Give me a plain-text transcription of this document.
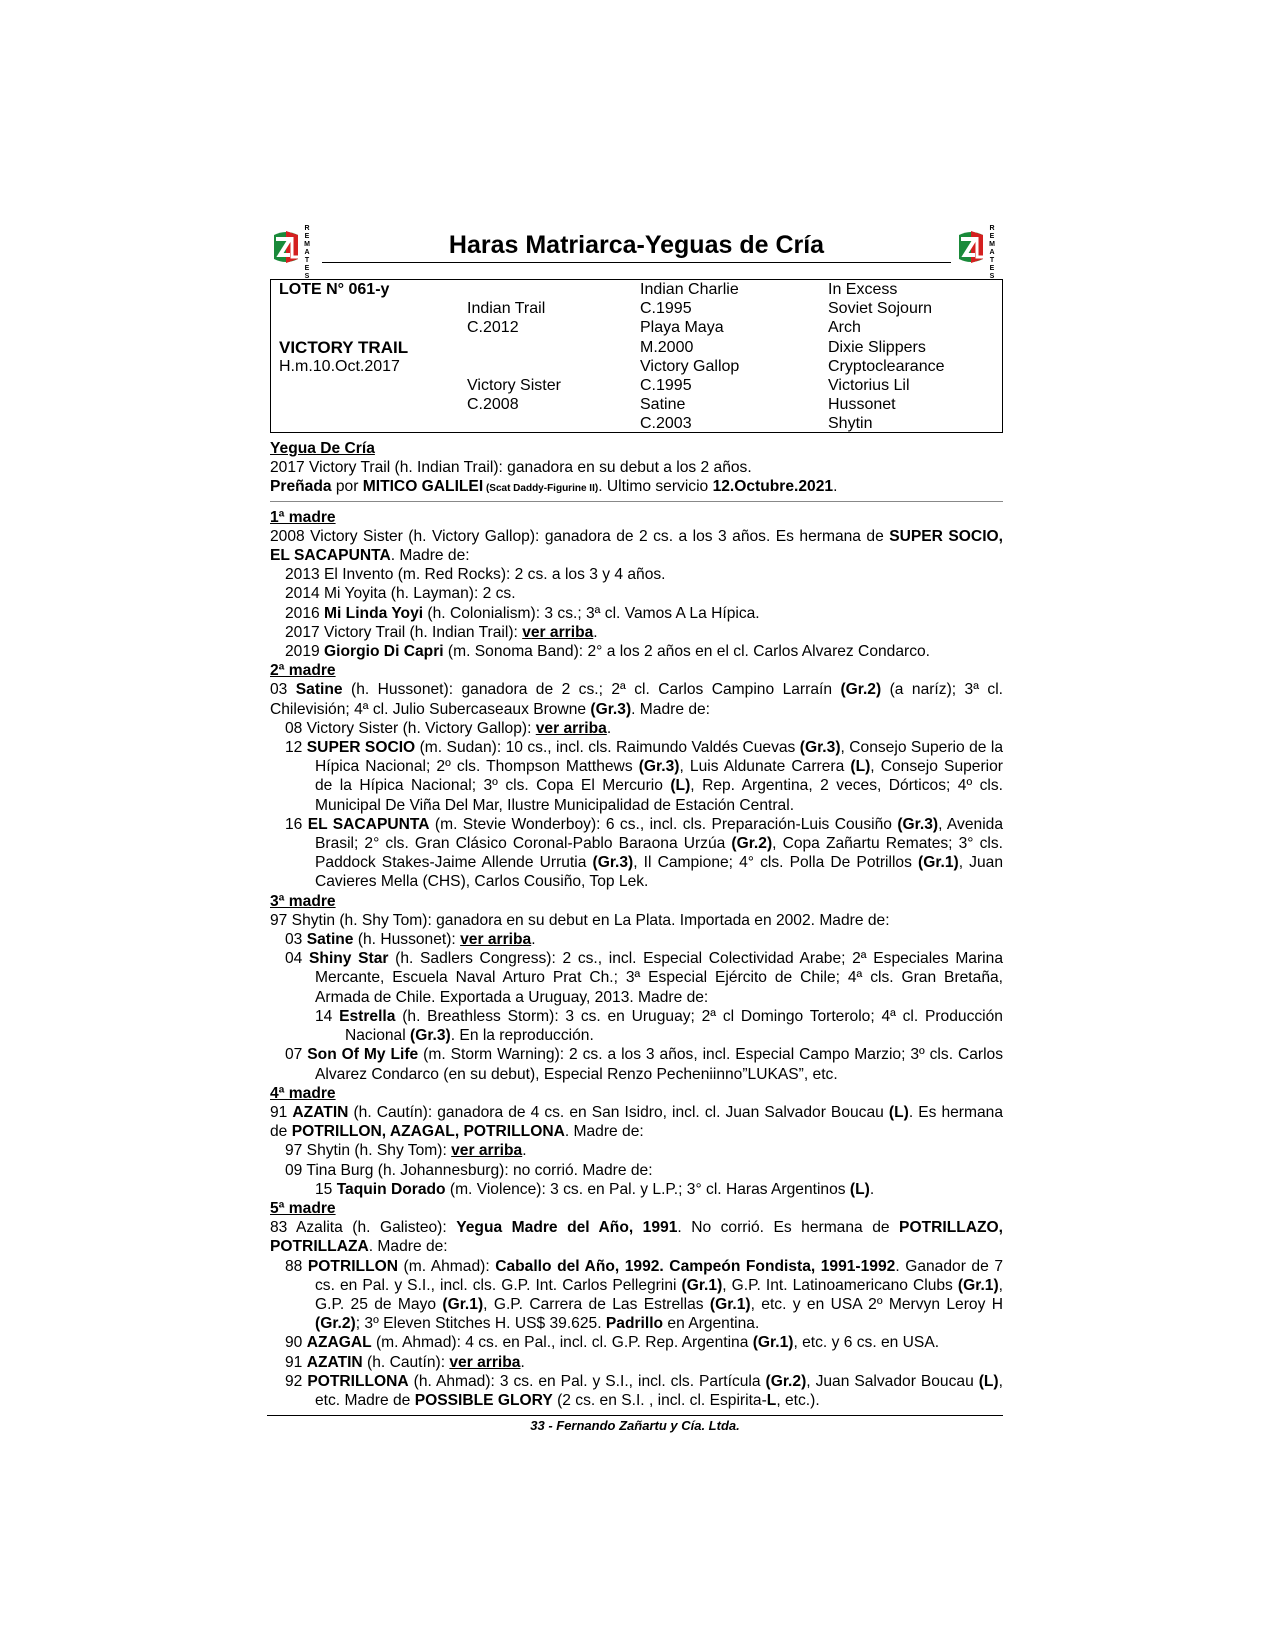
R
E
M
A
T
E
S
Haras Matriarca-Yeguas de Cría
R
E
M
A
T
E
S
LOTE N° 061-y

VICTORY TRAIL
H.m.10.Oct.2017

Indian Trail
C.2012

Victory Sister
C.2008
Indian Charlie
C.1995
Playa Maya
M.2000
Victory Gallop
C.1995
Satine
C.2003
In Excess
Soviet Sojourn
Arch
Dixie Slippers
Cryptoclearance
Victorius Lil
Hussonet
Shytin

Yegua De Cría

2017 Victory Trail (h. Indian Trail): ganadora en su debut a los 2 años.

Preñada por MITICO GALILEI (Scat Daddy-Figurine II). Ultimo servicio 12.Octubre.2021.

1ª madre

2008 Victory Sister (h. Victory Gallop): ganadora de 2 cs. a los 3 años. Es hermana de SUPER SOCIO, EL SACAPUNTA. Madre de:

2013 El Invento (m. Red Rocks): 2 cs. a los 3 y 4 años.

2014 Mi Yoyita (h. Layman): 2 cs.

2016 Mi Linda Yoyi (h. Colonialism): 3 cs.; 3ª cl. Vamos A La Hípica.

2017 Victory Trail (h. Indian Trail): ver arriba.

2019 Giorgio Di Capri (m. Sonoma Band): 2° a los 2 años en el cl. Carlos Alvarez Condarco.

2ª madre

03 Satine (h. Hussonet): ganadora de 2 cs.; 2ª cl. Carlos Campino Larraín (Gr.2) (a naríz); 3ª cl. Chilevisión; 4ª cl. Julio Subercaseaux Browne (Gr.3). Madre de:

08 Victory Sister (h. Victory Gallop): ver arriba.

12 SUPER SOCIO (m. Sudan): 10 cs., incl. cls. Raimundo Valdés Cuevas (Gr.3), Consejo Superio de la Hípica Nacional; 2º cls. Thompson Matthews (Gr.3), Luis Aldunate Carrera (L), Consejo Superior de la Hípica Nacional; 3º cls. Copa El Mercurio (L), Rep. Argentina, 2 veces, Dórticos; 4º cls. Municipal De Viña Del Mar, Ilustre Municipalidad de Estación Central.

16 EL SACAPUNTA (m. Stevie Wonderboy): 6 cs., incl. cls. Preparación-Luis Cousiño (Gr.3), Avenida Brasil; 2° cls. Gran Clásico Coronal-Pablo Baraona Urzúa (Gr.2), Copa Zañartu Remates; 3° cls. Paddock Stakes-Jaime Allende Urrutia (Gr.3), Il Campione; 4° cls. Polla De Potrillos (Gr.1), Juan Cavieres Mella (CHS), Carlos Cousiño, Top Lek.

3ª madre

97 Shytin (h. Shy Tom): ganadora en su debut en La Plata. Importada en 2002. Madre de:

03 Satine (h. Hussonet): ver arriba.

04 Shiny Star (h. Sadlers Congress): 2 cs., incl. Especial Colectividad Arabe; 2ª Especiales Marina Mercante, Escuela Naval Arturo Prat Ch.; 3ª Especial Ejército de Chile; 4ª cls. Gran Bretaña, Armada de Chile. Exportada a Uruguay, 2013. Madre de:

14 Estrella (h. Breathless Storm): 3 cs. en Uruguay; 2ª cl Domingo Torterolo; 4ª cl. Producción Nacional (Gr.3). En la reproducción.

07 Son Of My Life (m. Storm Warning): 2 cs. a los 3 años, incl. Especial Campo Marzio; 3º cls. Carlos Alvarez Condarco (en su debut), Especial Renzo Pecheniinno”LUKAS”, etc.

4ª madre

91 AZATIN (h. Cautín): ganadora de 4 cs. en San Isidro, incl. cl. Juan Salvador Boucau (L). Es hermana de POTRILLON, AZAGAL, POTRILLONA. Madre de:

97 Shytin (h. Shy Tom): ver arriba.

09 Tina Burg (h. Johannesburg): no corrió. Madre de:

15 Taquin Dorado (m. Violence): 3 cs. en Pal. y L.P.; 3° cl. Haras Argentinos (L).

5ª madre

83 Azalita (h. Galisteo): Yegua Madre del Año, 1991. No corrió. Es hermana de POTRILLAZO, POTRILLAZA. Madre de:

88 POTRILLON (m. Ahmad): Caballo del Año, 1992. Campeón Fondista, 1991-1992. Ganador de 7 cs. en Pal. y S.I., incl. cls. G.P. Int. Carlos Pellegrini (Gr.1), G.P. Int. Latinoamericano Clubs (Gr.1), G.P. 25 de Mayo (Gr.1), G.P. Carrera de Las Estrellas (Gr.1), etc. y en USA 2º Mervyn Leroy H (Gr.2); 3º Eleven Stitches H. US$ 39.625. Padrillo en Argentina.

90 AZAGAL (m. Ahmad): 4 cs. en Pal., incl. cl. G.P. Rep. Argentina (Gr.1), etc. y 6 cs. en USA.

91 AZATIN (h. Cautín): ver arriba.

92 POTRILLONA (h. Ahmad): 3 cs. en Pal. y S.I., incl. cls. Partícula (Gr.2), Juan Salvador Boucau (L), etc. Madre de POSSIBLE GLORY (2 cs. en S.I. , incl. cl. Espirita-L, etc.).

33 - Fernando Zañartu y Cía. Ltda.
